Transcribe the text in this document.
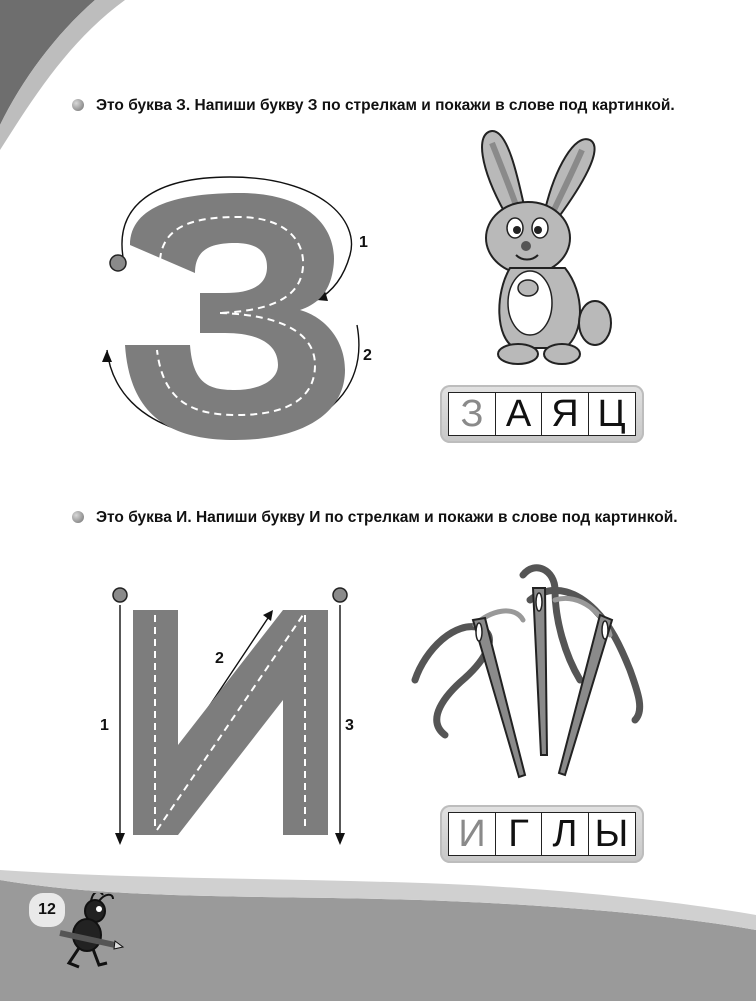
Это буква З. Напиши букву З по стрелкам и покажи в слове под картинкой.
1
2
З А Я Ц
Это буква И. Напиши букву И по стрелкам и покажи в слове под картинкой.
1
2
3
И Г Л Ы
12
